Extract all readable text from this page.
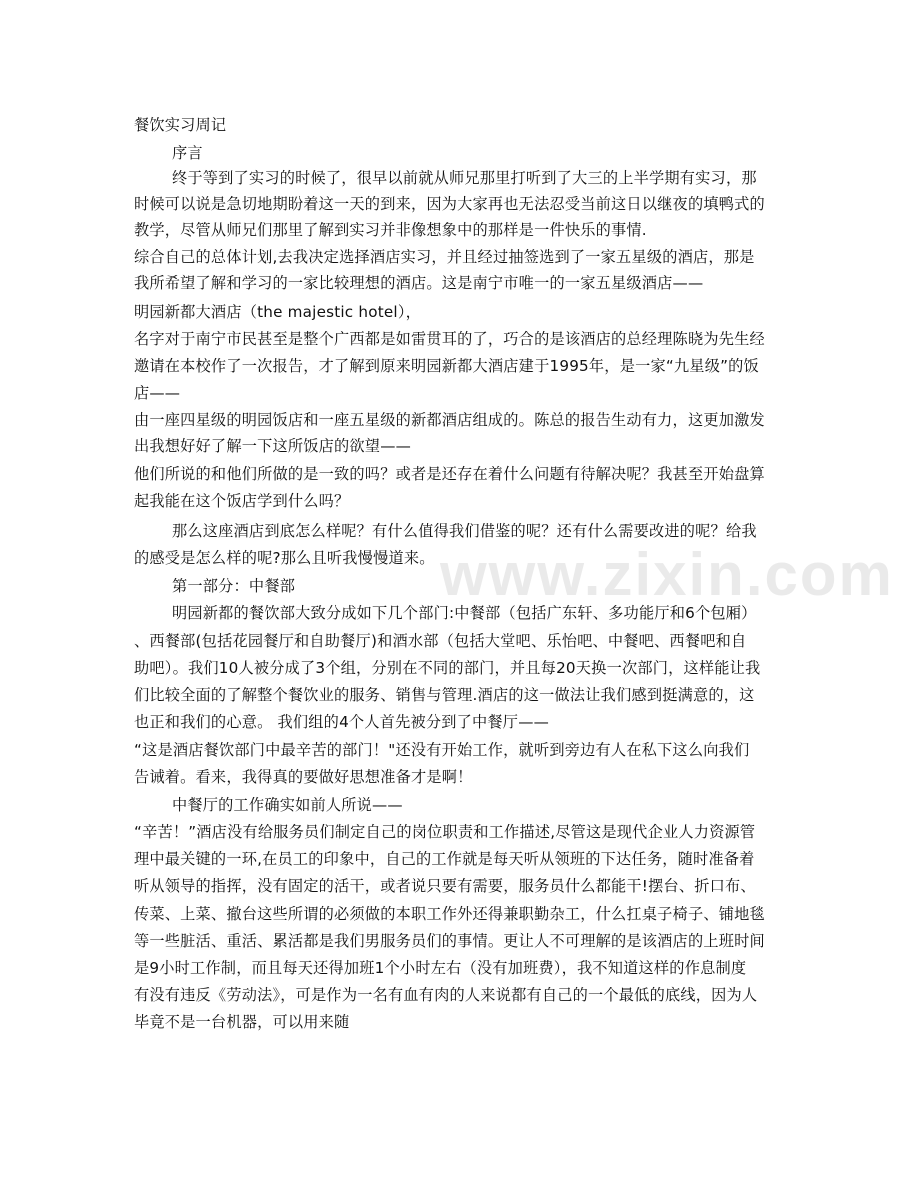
www.zixin.com
餐饮实习周记
序言
终于等到了实习的时候了，很早以前就从师兄那里打听到了大三的上半学期有实习，那
时候可以说是急切地期盼着这一天的到来，因为大家再也无法忍受当前这日以继夜的填鸭式的
教学，尽管从师兄们那里了解到实习并非像想象中的那样是一件快乐的事情.
综合自己的总体计划,去我决定选择酒店实习，并且经过抽签选到了一家五星级的酒店，那是
我所希望了解和学习的一家比较理想的酒店。这是南宁市唯一的一家五星级酒店——
明园新都大酒店（the majestic hotel），
名字对于南宁市民甚至是整个广西都是如雷贯耳的了，巧合的是该酒店的总经理陈晓为先生经
邀请在本校作了一次报告，才了解到原来明园新都大酒店建于1995年，是一家“九星级”的饭
店——
由一座四星级的明园饭店和一座五星级的新都酒店组成的。陈总的报告生动有力，这更加激发
出我想好好了解一下这所饭店的欲望——
他们所说的和他们所做的是一致的吗？或者是还存在着什么问题有待解决呢？我甚至开始盘算
起我能在这个饭店学到什么吗？
那么这座酒店到底怎么样呢？有什么值得我们借鉴的呢？还有什么需要改进的呢？给我
的感受是怎么样的呢?那么且听我慢慢道来。
第一部分：中餐部
明园新都的餐饮部大致分成如下几个部门:中餐部（包括广东轩、多功能厅和6个包厢）
、西餐部(包括花园餐厅和自助餐厅)和酒水部（包括大堂吧、乐怡吧、中餐吧、西餐吧和自
助吧）。我们10人被分成了3个组，分别在不同的部门，并且每20天换一次部门，这样能让我
们比较全面的了解整个餐饮业的服务、销售与管理.酒店的这一做法让我们感到挺满意的，这
也正和我们的心意。 我们组的4个人首先被分到了中餐厅——
“这是酒店餐饮部门中最辛苦的部门！"还没有开始工作，就听到旁边有人在私下这么向我们
告诫着。看来，我得真的要做好思想准备才是啊！
中餐厅的工作确实如前人所说——
“辛苦！”酒店没有给服务员们制定自己的岗位职责和工作描述,尽管这是现代企业人力资源管
理中最关键的一环,在员工的印象中，自己的工作就是每天听从领班的下达任务，随时准备着
听从领导的指挥，没有固定的活干，或者说只要有需要，服务员什么都能干!摆台、折口布、
传菜、上菜、撤台这些所谓的必须做的本职工作外还得兼职勤杂工，什么扛桌子椅子、铺地毯
等一些脏活、重活、累活都是我们男服务员们的事情。更让人不可理解的是该酒店的上班时间
是9小时工作制，而且每天还得加班1个小时左右（没有加班费），我不知道这样的作息制度
有没有违反《劳动法》，可是作为一名有血有肉的人来说都有自己的一个最低的底线，因为人
毕竟不是一台机器，可以用来随
